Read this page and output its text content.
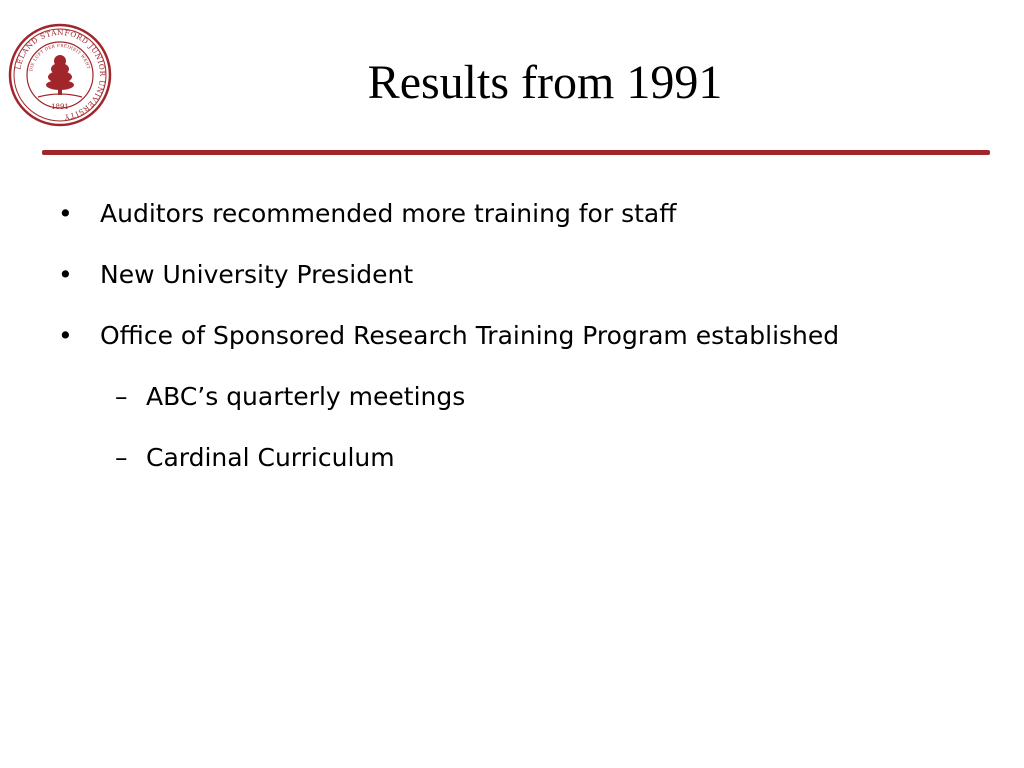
LELAND STANFORD JUNIOR UNIVERSITY
DIE LUFT DER FREIHEIT WEHT
1891	Results from 1991
• Auditors recommended more training for staff
• New University President
• Office of Sponsored Research Training Program established
– ABC’s quarterly meetings
– Cardinal Curriculum
